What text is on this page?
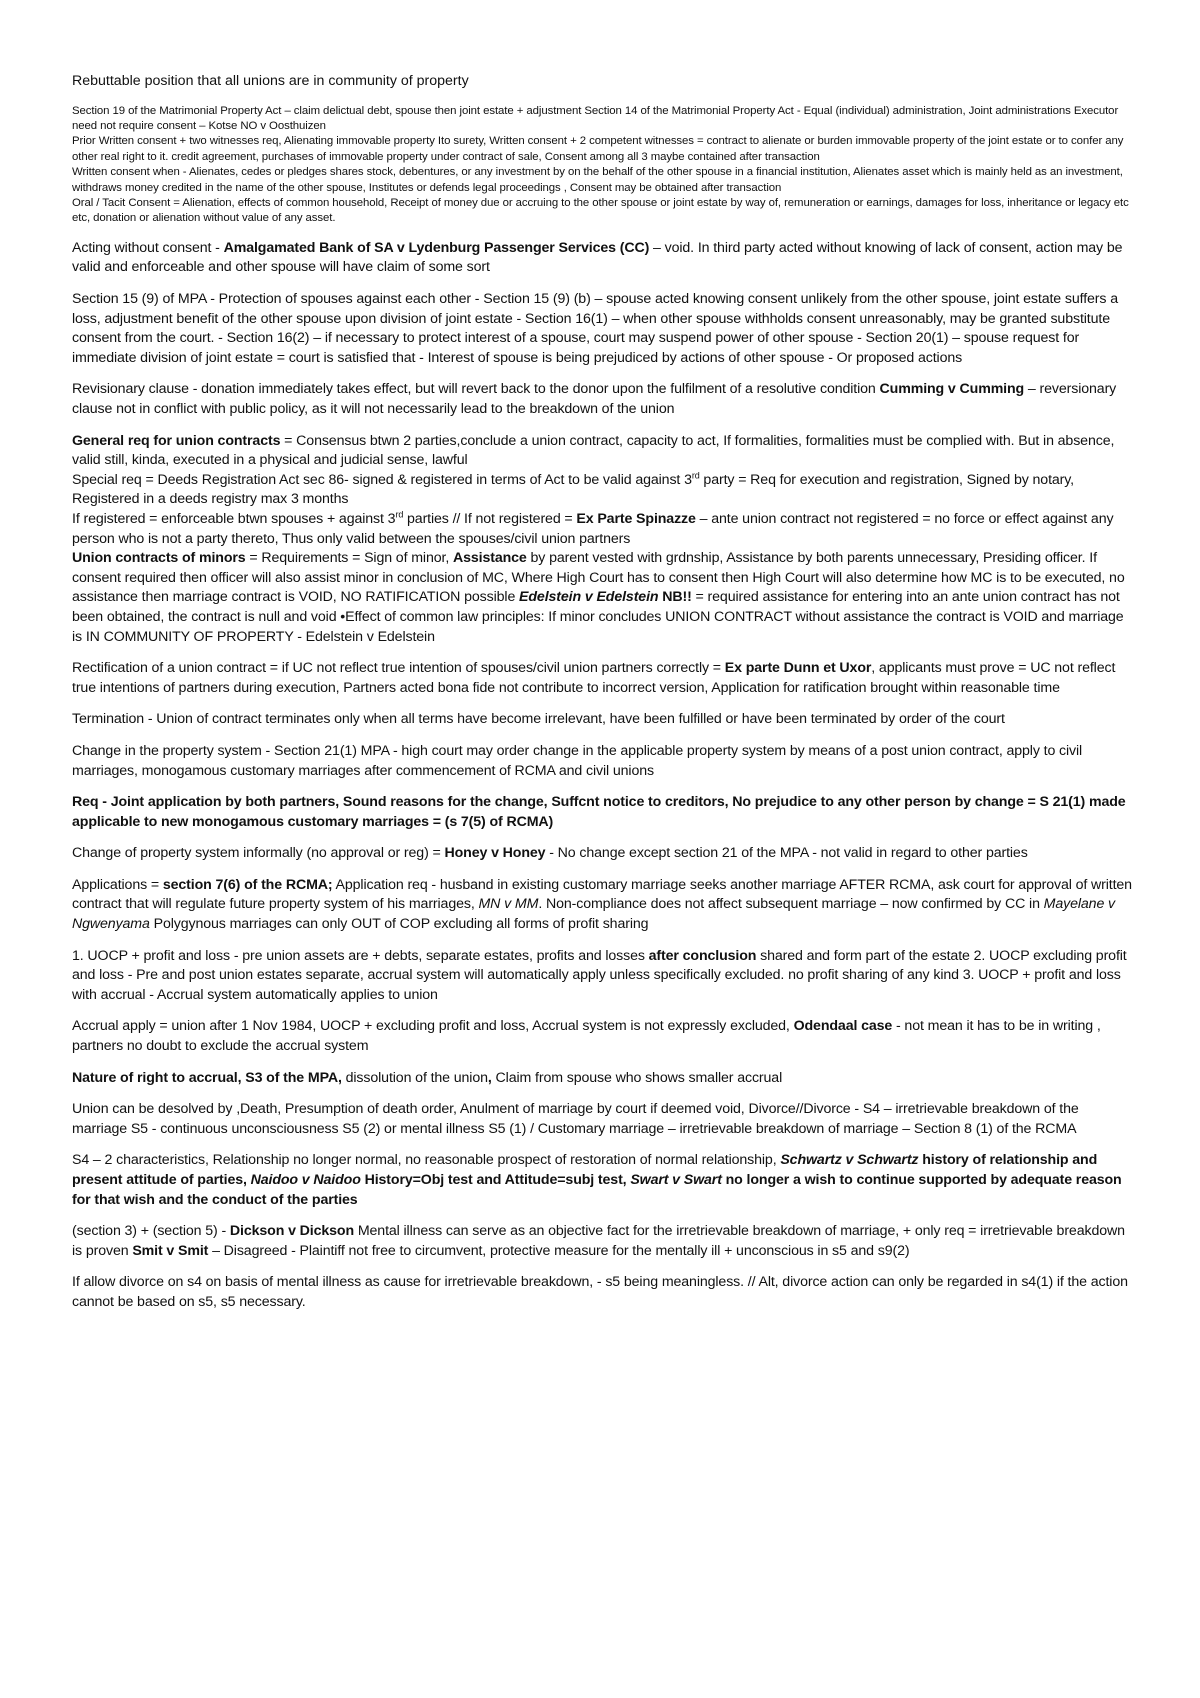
Rebuttable position that all unions are in community of property

Section 19 of the Matrimonial Property Act – claim delictual debt, spouse then joint estate + adjustment Section 14 of the Matrimonial Property Act - Equal (individual) administration, Joint administrations Executor need not require consent – Kotse NO v Oosthuizen
Prior Written consent + two witnesses req, Alienating immovable property Ito surety, Written consent + 2 competent witnesses = contract to alienate or burden immovable property of the joint estate or to confer any other real right to it. credit agreement, purchases of immovable property under contract of sale, Consent among all 3 maybe contained after transaction
Written consent when - Alienates, cedes or pledges shares stock, debentures, or any investment by on the behalf of the other spouse in a financial institution, Alienates asset which is mainly held as an investment, withdraws money credited in the name of the other spouse, Institutes or defends legal proceedings , Consent may be obtained after transaction
Oral / Tacit Consent = Alienation, effects of common household, Receipt of money due or accruing to the other spouse or joint estate by way of, remuneration or earnings, damages for loss, inheritance or legacy etc etc, donation or alienation without value of any asset.

Acting without consent - Amalgamated Bank of SA v Lydenburg Passenger Services (CC) – void. In third party acted without knowing of lack of consent, action may be valid and enforceable and other spouse will have claim of some sort

Section 15 (9) of MPA - Protection of spouses against each other - Section 15 (9) (b) – spouse acted knowing consent unlikely from the other spouse, joint estate suffers a loss, adjustment benefit of the other spouse upon division of joint estate - Section 16(1) – when other spouse withholds consent unreasonably, may be granted substitute consent from the court. - Section 16(2) – if necessary to protect interest of a spouse, court may suspend power of other spouse - Section 20(1) – spouse request for immediate division of joint estate = court is satisfied that - Interest of spouse is being prejudiced by actions of other spouse - Or proposed actions

Revisionary clause - donation immediately takes effect, but will revert back to the donor upon the fulfilment of a resolutive condition Cumming v Cumming – reversionary clause not in conflict with public policy, as it will not necessarily lead to the breakdown of the union

General req for union contracts = Consensus btwn 2 parties,conclude a union contract, capacity to act, If formalities, formalities must be complied with. But in absence, valid still, kinda, executed in a physical and judicial sense, lawful
Special req = Deeds Registration Act sec 86- signed & registered in terms of Act to be valid against 3rd party = Req for execution and registration, Signed by notary, Registered in a deeds registry max 3 months
If registered = enforceable btwn spouses + against 3rd parties // If not registered = Ex Parte Spinazze – ante union contract not registered = no force or effect against any person who is not a party thereto, Thus only valid between the spouses/civil union partners
Union contracts of minors = Requirements = Sign of minor, Assistance by parent vested with grdnship, Assistance by both parents unnecessary, Presiding officer. If consent required then officer will also assist minor in conclusion of MC, Where High Court has to consent then High Court will also determine how MC is to be executed, no assistance then marriage contract is VOID, NO RATIFICATION possible Edelstein v Edelstein NB!! = required assistance for entering into an ante union contract has not been obtained, the contract is null and void •Effect of common law principles: If minor concludes UNION CONTRACT without assistance the contract is VOID and marriage is IN COMMUNITY OF PROPERTY - Edelstein v Edelstein

Rectification of a union contract = if UC not reflect true intention of spouses/civil union partners correctly = Ex parte Dunn et Uxor, applicants must prove = UC not reflect true intentions of partners during execution, Partners acted bona fide not contribute to incorrect version, Application for ratification brought within reasonable time

Termination - Union of contract terminates only when all terms have become irrelevant, have been fulfilled or have been terminated by order of the court

Change in the property system - Section 21(1) MPA - high court may order change in the applicable property system by means of a post union contract, apply to civil marriages, monogamous customary marriages after commencement of RCMA and civil unions

Req - Joint application by both partners, Sound reasons for the change, Suffcnt notice to creditors, No prejudice to any other person by change = S 21(1) made applicable to new monogamous customary marriages = (s 7(5) of RCMA)

Change of property system informally (no approval or reg) = Honey v Honey - No change except section 21 of the MPA - not valid in regard to other parties

Applications = section 7(6) of the RCMA; Application req - husband in existing customary marriage seeks another marriage AFTER RCMA, ask court for approval of written contract that will regulate future property system of his marriages, MN v MM. Non-compliance does not affect subsequent marriage – now confirmed by CC in Mayelane v Ngwenyama Polygynous marriages can only OUT of COP excluding all forms of profit sharing

1. UOCP + profit and loss - pre union assets are + debts, separate estates, profits and losses after conclusion shared and form part of the estate 2. UOCP excluding profit and loss - Pre and post union estates separate, accrual system will automatically apply unless specifically excluded. no profit sharing of any kind 3. UOCP + profit and loss with accrual - Accrual system automatically applies to union

Accrual apply = union after 1 Nov 1984, UOCP + excluding profit and loss, Accrual system is not expressly excluded, Odendaal case - not mean it has to be in writing , partners no doubt to exclude the accrual system

Nature of right to accrual, S3 of the MPA, dissolution of the union, Claim from spouse who shows smaller accrual

Union can be desolved by ,Death, Presumption of death order, Anulment of marriage by court if deemed void, Divorce//Divorce - S4 – irretrievable breakdown of the marriage S5 - continuous unconsciousness S5 (2) or mental illness S5 (1) / Customary marriage – irretrievable breakdown of marriage – Section 8 (1) of the RCMA

S4 – 2 characteristics, Relationship no longer normal, no reasonable prospect of restoration of normal relationship, Schwartz v Schwartz history of relationship and present attitude of parties, Naidoo v Naidoo History=Obj test and Attitude=subj test, Swart v Swart no longer a wish to continue supported by adequate reason for that wish and the conduct of the parties

(section 3) + (section 5) - Dickson v Dickson Mental illness can serve as an objective fact for the irretrievable breakdown of marriage, + only req = irretrievable breakdown is proven Smit v Smit – Disagreed - Plaintiff not free to circumvent, protective measure for the mentally ill + unconscious in s5 and s9(2)

If allow divorce on s4 on basis of mental illness as cause for irretrievable breakdown, - s5 being meaningless. // Alt, divorce action can only be regarded in s4(1) if the action cannot be based on s5, s5 necessary.
